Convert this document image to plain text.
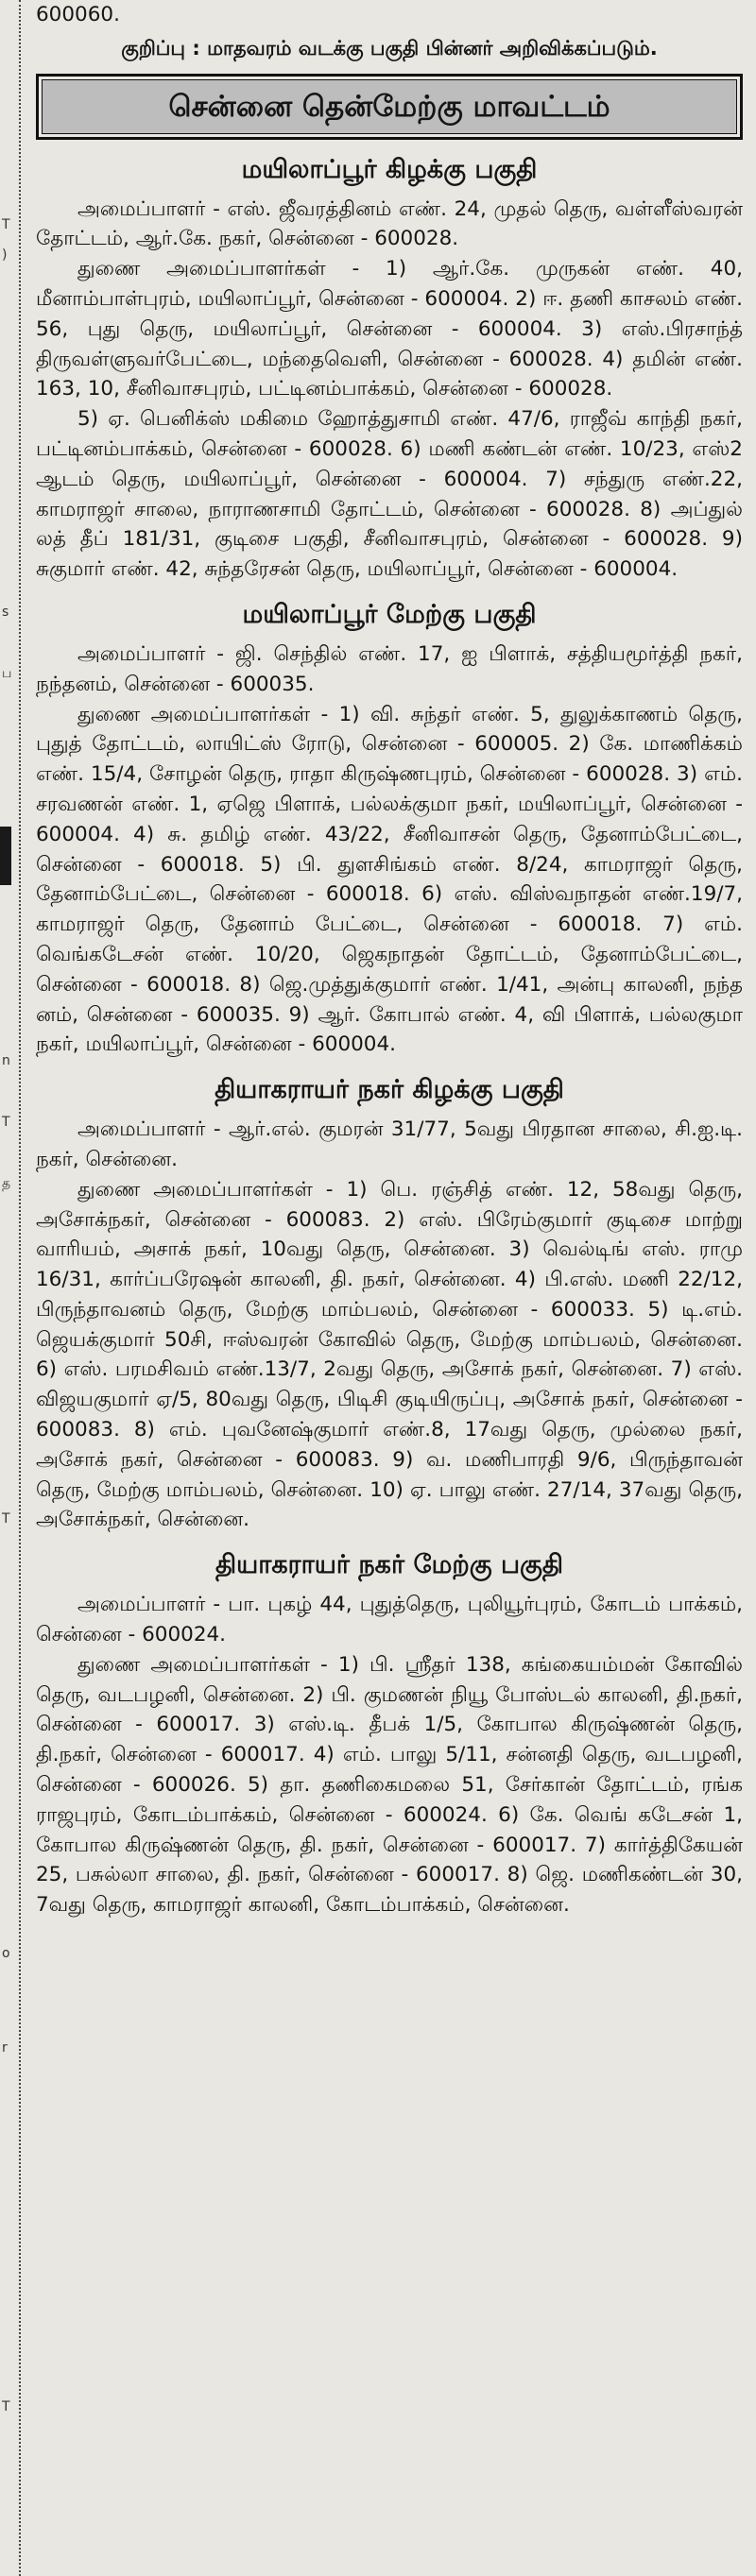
T
)
s
ப
n
T
த
T
o
r
T

600060.

குறிப்பு : மாதவரம் வடக்கு பகுதி பின்னர் அறிவிக்கப்படும்.

சென்னை தென்மேற்கு மாவட்டம்
மயிலாப்பூர் கிழக்கு பகுதி

அமைப்பாளர் - எஸ். ஜீவரத்தினம் எண். 24, முதல் தெரு, வள்ளீஸ்வரன் தோட்டம், ஆர்.கே. நகர், சென்னை - 600028.

துணை அமைப்பாளர்கள் - 1) ஆர்.கே. முருகன் எண். 40, மீனாம்பாள்புரம், மயிலாப்பூர், சென்னை - 600004. 2) ஈ. தணி காசலம் எண். 56, புது தெரு, மயிலாப்பூர், சென்னை - 600004. 3) எஸ்.பிரசாந்த் திருவள்ளுவர்பேட்டை, மந்தைவெளி, சென்னை - 600028. 4) தமின் எண். 163, 10, சீனிவாசபுரம், பட்டினம்பாக்கம், சென்னை - 600028.

5) ஏ. பெனிக்ஸ் மகிமை ஹோத்துசாமி எண். 47/6, ராஜீவ் காந்தி நகர், பட்டினம்பாக்கம், சென்னை - 600028. 6) மணி கண்டன் எண். 10/23, எஸ்2 ஆடம் தெரு, மயிலாப்பூர், சென்னை - 600004. 7) சந்துரு எண்.22, காமராஜர் சாலை, நாராணசாமி தோட்டம், சென்னை - 600028. 8) அப்துல் லத் தீப் 181/31, குடிசை பகுதி, சீனிவாசபுரம், சென்னை - 600028. 9) சுகுமார் எண். 42, சுந்தரேசன் தெரு, மயிலாப்பூர், சென்னை - 600004.

மயிலாப்பூர் மேற்கு பகுதி

அமைப்பாளர் - ஜி. செந்தில் எண். 17, ஐ பிளாக், சத்தியமூர்த்தி நகர், நந்தனம், சென்னை - 600035.

துணை அமைப்பாளர்கள் - 1) வி. சுந்தர் எண். 5, துலுக்காணம் தெரு, புதுத் தோட்டம், லாயிட்ஸ் ரோடு, சென்னை - 600005. 2) கே. மாணிக்கம் எண். 15/4, சோழன் தெரு, ராதா கிருஷ்ணபுரம், சென்னை - 600028. 3) எம். சரவணன் எண். 1, ஏஜெ பிளாக், பல்லக்குமா நகர், மயிலாப்பூர், சென்னை - 600004. 4) சு. தமிழ் எண். 43/22, சீனிவாசன் தெரு, தேனாம்பேட்டை, சென்னை - 600018. 5) பி. துளசிங்கம் எண். 8/24, காமராஜர் தெரு, தேனாம்பேட்டை, சென்னை - 600018. 6) எஸ். விஸ்வநாதன் எண்.19/7, காமராஜர் தெரு, தேனாம் பேட்டை, சென்னை - 600018. 7) எம். வெங்கடேசன் எண். 10/20, ஜெகநாதன் தோட்டம், தேனாம்பேட்டை, சென்னை - 600018. 8) ஜெ.முத்துக்குமார் எண். 1/41, அன்பு காலனி, நந்த னம், சென்னை - 600035. 9) ஆர். கோபால் எண். 4, வி பிளாக், பல்லகுமா நகர், மயிலாப்பூர், சென்னை - 600004.

தியாகராயர் நகர் கிழக்கு பகுதி

அமைப்பாளர் - ஆர்.எல். குமரன் 31/77, 5வது பிரதான சாலை, சி.ஐ.டி. நகர், சென்னை.

துணை அமைப்பாளர்கள் - 1) பெ. ரஞ்சித் எண். 12, 58வது தெரு, அசோக்நகர், சென்னை - 600083. 2) எஸ். பிரேம்குமார் குடிசை மாற்று வாரியம், அசாக் நகர், 10வது தெரு, சென்னை. 3) வெல்டிங் எஸ். ராமு 16/31, கார்ப்பரேஷன் காலனி, தி. நகர், சென்னை. 4) பி.எஸ். மணி 22/12, பிருந்தாவனம் தெரு, மேற்கு மாம்பலம், சென்னை - 600033. 5) டி.எம். ஜெயக்குமார் 50சி, ஈஸ்வரன் கோவில் தெரு, மேற்கு மாம்பலம், சென்னை. 6) எஸ். பரமசிவம் எண்.13/7, 2வது தெரு, அசோக் நகர், சென்னை. 7) எஸ். விஜயகுமார் ஏ/5, 80வது தெரு, பிடிசி குடியிருப்பு, அசோக் நகர், சென்னை - 600083. 8) எம். புவனேஷ்குமார் எண்.8, 17வது தெரு, முல்லை நகர், அசோக் நகர், சென்னை - 600083. 9) வ. மணிபாரதி 9/6, பிருந்தாவன் தெரு, மேற்கு மாம்பலம், சென்னை. 10) ஏ. பாலு எண். 27/14, 37வது தெரு, அசோக்நகர், சென்னை.

தியாகராயர் நகர் மேற்கு பகுதி

அமைப்பாளர் - பா. புகழ் 44, புதுத்தெரு, புலியூர்புரம், கோடம் பாக்கம், சென்னை - 600024.

துணை அமைப்பாளர்கள் - 1) பி. ஸ்ரீதர் 138, கங்கையம்மன் கோவில் தெரு, வடபழனி, சென்னை. 2) பி. குமணன் நியூ போஸ்டல் காலனி, தி.நகர், சென்னை - 600017. 3) எஸ்.டி. தீபக் 1/5, கோபால கிருஷ்ணன் தெரு, தி.நகர், சென்னை - 600017. 4) எம். பாலு 5/11, சன்னதி தெரு, வடபழனி, சென்னை - 600026. 5) தா. தணிகைமலை 51, சேர்கான் தோட்டம், ரங்க ராஜபுரம், கோடம்பாக்கம், சென்னை - 600024. 6) கே. வெங் கடேசன் 1, கோபால கிருஷ்ணன் தெரு, தி. நகர், சென்னை - 600017. 7) கார்த்திகேயன் 25, பசுல்லா சாலை, தி. நகர், சென்னை - 600017. 8) ஜெ. மணிகண்டன் 30, 7வது தெரு, காமராஜர் காலனி, கோடம்பாக்கம், சென்னை.
